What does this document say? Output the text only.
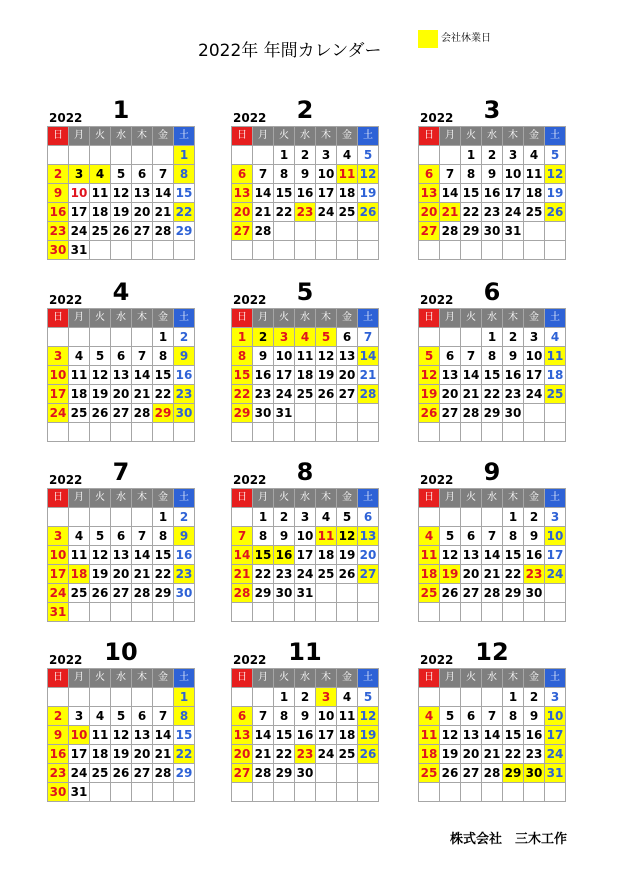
2022年 年間カレンダー
会社休業日
2022	1
日	月	火	水	木	金	土
						1
2	3	4	5	6	7	8
9	10	11	12	13	14	15
16	17	18	19	20	21	22
23	24	25	26	27	28	29
30	31					
2022	2
日	月	火	水	木	金	土
		1	2	3	4	5
6	7	8	9	10	11	12
13	14	15	16	17	18	19
20	21	22	23	24	25	26
27	28					

2022	3
日	月	火	水	木	金	土
		1	2	3	4	5
6	7	8	9	10	11	12
13	14	15	16	17	18	19
20	21	22	23	24	25	26
27	28	29	30	31		

2022	4
日	月	火	水	木	金	土
					1	2
3	4	5	6	7	8	9
10	11	12	13	14	15	16
17	18	19	20	21	22	23
24	25	26	27	28	29	30

2022	5
日	月	火	水	木	金	土
1	2	3	4	5	6	7
8	9	10	11	12	13	14
15	16	17	18	19	20	21
22	23	24	25	26	27	28
29	30	31				

2022	6
日	月	火	水	木	金	土
			1	2	3	4
5	6	7	8	9	10	11
12	13	14	15	16	17	18
19	20	21	22	23	24	25
26	27	28	29	30		

2022	7
日	月	火	水	木	金	土
					1	2
3	4	5	6	7	8	9
10	11	12	13	14	15	16
17	18	19	20	21	22	23
24	25	26	27	28	29	30
31						
2022	8
日	月	火	水	木	金	土
	1	2	3	4	5	6
7	8	9	10	11	12	13
14	15	16	17	18	19	20
21	22	23	24	25	26	27
28	29	30	31			

2022	9
日	月	火	水	木	金	土
				1	2	3
4	5	6	7	8	9	10
11	12	13	14	15	16	17
18	19	20	21	22	23	24
25	26	27	28	29	30	

2022 10
日	月	火	水	木	金	土
						1
2	3	4	5	6	7	8
9	10	11	12	13	14	15
16	17	18	19	20	21	22
23	24	25	26	27	28	29
30	31					
2022 11
日	月	火	水	木	金	土
		1	2	3	4	5
6	7	8	9	10	11	12
13	14	15	16	17	18	19
20	21	22	23	24	25	26
27	28	29	30			

2022 12
日	月	火	水	木	金	土
				1	2	3
4	5	6	7	8	9	10
11	12	13	14	15	16	17
18	19	20	21	22	23	24
25	26	27	28	29	30	31

株式会社　三木工作
